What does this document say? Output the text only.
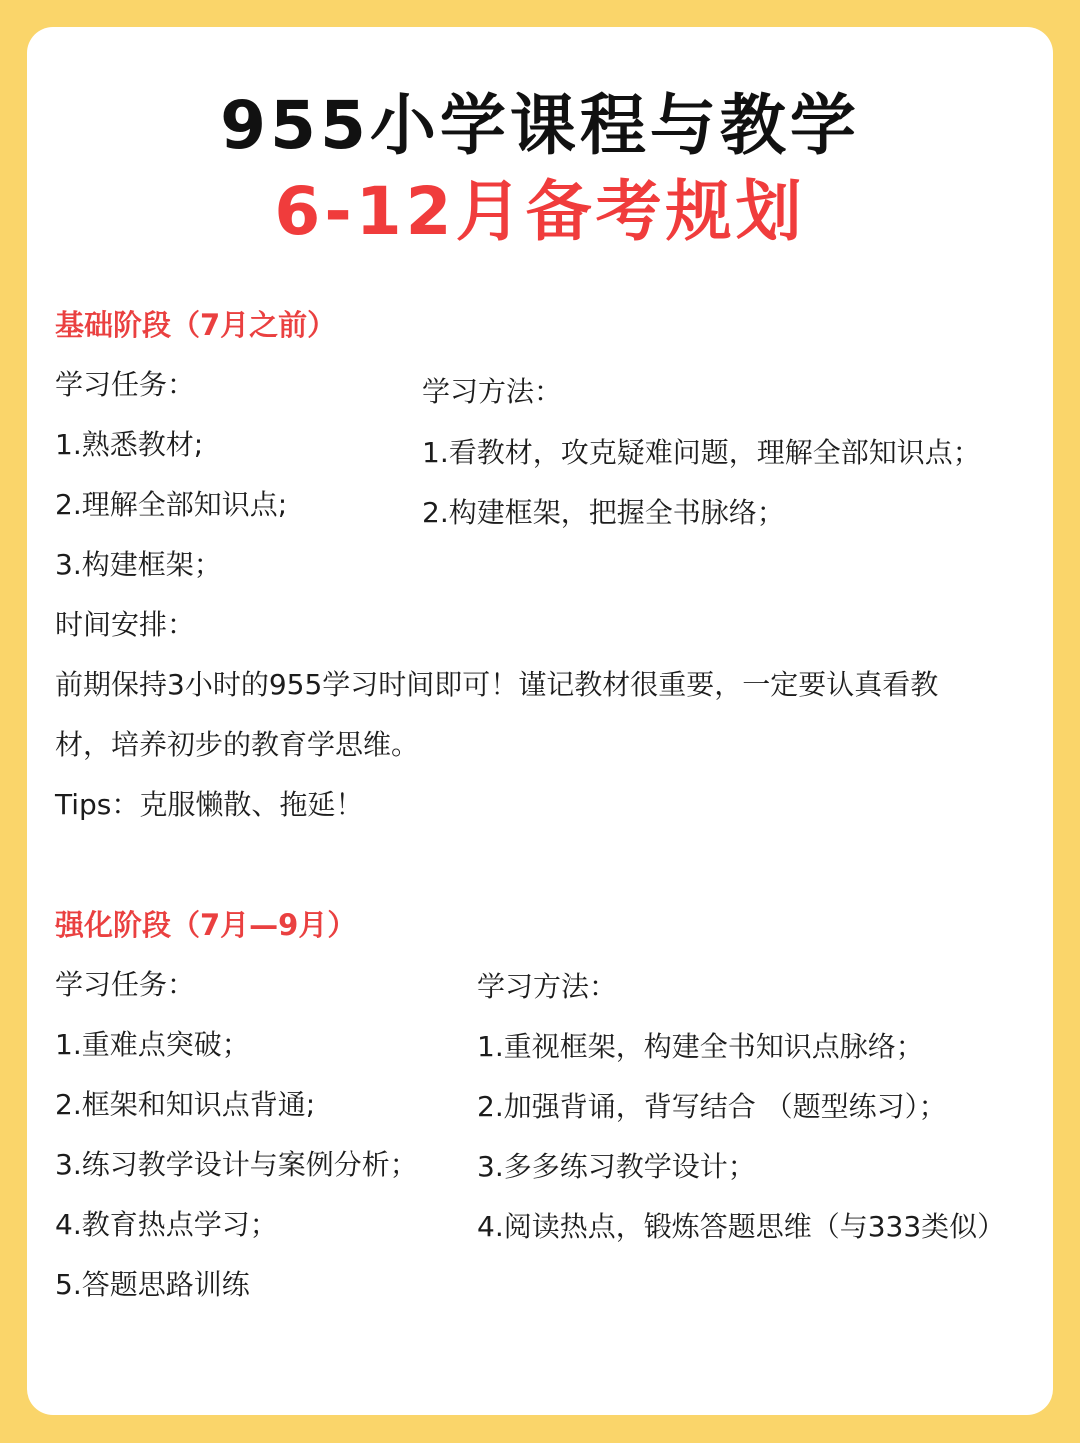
955小学课程与教学
6-12月备考规划
基础阶段（7月之前）
学习任务：
1.熟悉教材;
2.理解全部知识点;
3.构建框架；
学习方法：
1.看教材，攻克疑难问题，理解全部知识点；
2.构建框架，把握全书脉络；
时间安排：
前期保持3小时的955学习时间即可！谨记教材很重要，一定要认真看教
材，培养初步的教育学思维。
Tips：克服懒散、拖延！
强化阶段（7月—9月）
学习任务：
1.重难点突破；
2.框架和知识点背通;
3.练习教学设计与案例分析；
4.教育热点学习；
5.答题思路训练
学习方法：
1.重视框架，构建全书知识点脉络；
2.加强背诵，背写结合 （题型练习）；
3.多多练习教学设计；
4.阅读热点，锻炼答题思维（与333类似）
